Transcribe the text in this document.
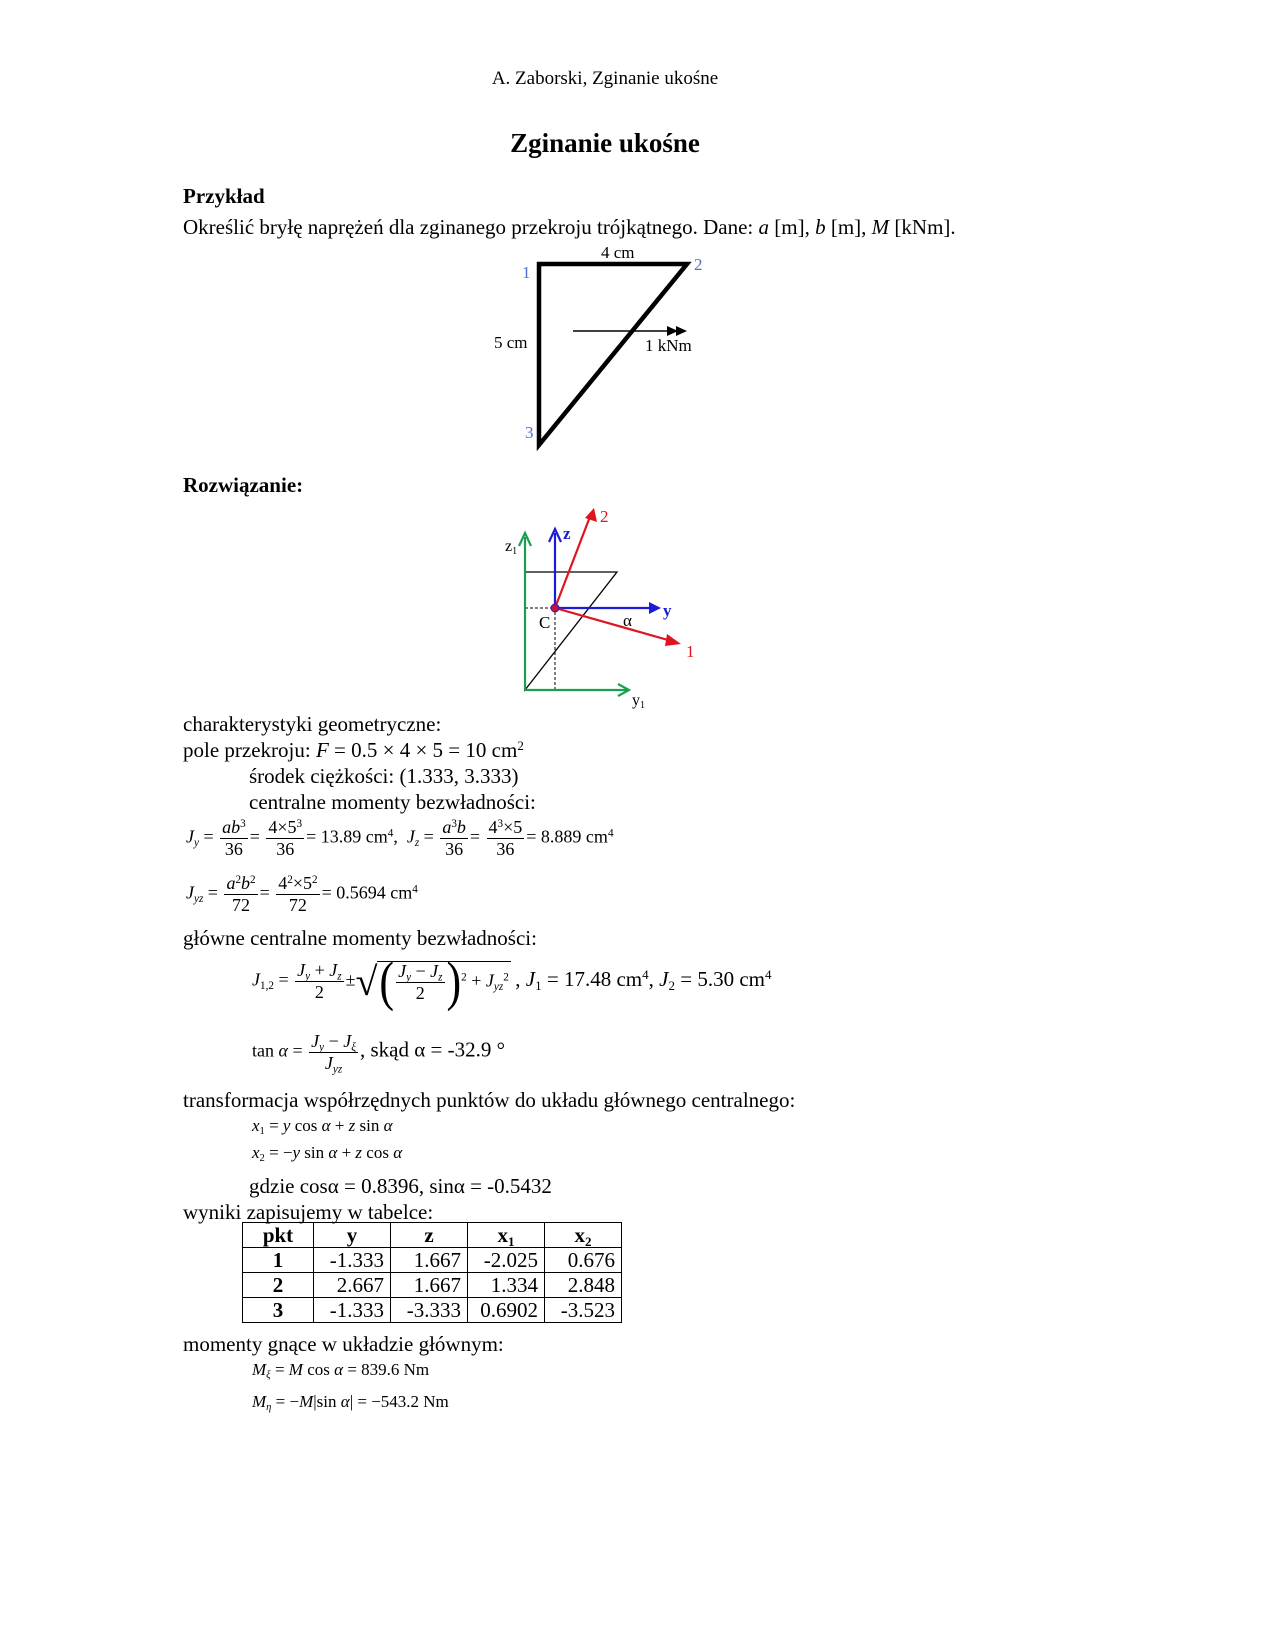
A. Zaborski, Zginanie ukośne
Zginanie ukośne
Przykład
Określić bryłę naprężeń dla zginanego przekroju trójkątnego. Dane: a [m], b [m], M [kNm].
4 cm
5 cm	1 kNm
1	2
3
Rozwiązanie:
z1
z
y
y1
C	α
1
2
charakterystyki geometryczne:
pole przekroju: F = 0.5 × 4 × 5 = 10 $cm^2$
środek ciężkości: (1.333, 3.333)
centralne momenty bezwładności:
$J_y = \frac{ab^3}{36} = \frac{4\times 5^3}{36} = 13.89$ $cm^4$,  $J_z = \frac{a^3b}{36} = \frac{4^3\times 5}{36} = 8.889$ $cm^4$
$J_{yz} = \frac{a^2b^2}{72} = \frac{4^2\times 5^2}{72} = 0.5694$ $cm^4$
główne centralne momenty bezwładności:
$J_{1,2} = \frac{J_y + J_z}{2}$ ±√( $\frac{J_y - J_z}{2} )^2 + J_{yz}^2$ , $J_1 = 17.48$ $cm^4$, $J_2 = 5.30$ $cm^4$
$\tan \alpha = \frac{J_y - J_\xi}{J_{yz}}$ , skąd α = -32.9 °
transformacja współrzędnych punktów do układu głównego centralnego:
$x_1 = y$ cos α + z sin α
$x_2 = -y$ sin α + z cos α
gdzie cosα = 0.8396, sinα = -0.5432
wyniki zapisujemy w tabelce:
pkt	y	z	$x_1$	$x_2$
1	-1.333	1.667	-2.025	0.676
2	2.667	1.667	1.334	2.848
3	-1.333	-3.333	0.6902	-3.523
momenty gnące w układzie głównym:
$M_\xi = M$ cos α = 839.6 Nm
$M_\eta = -M|\sin$ α| = −543.2 Nm
